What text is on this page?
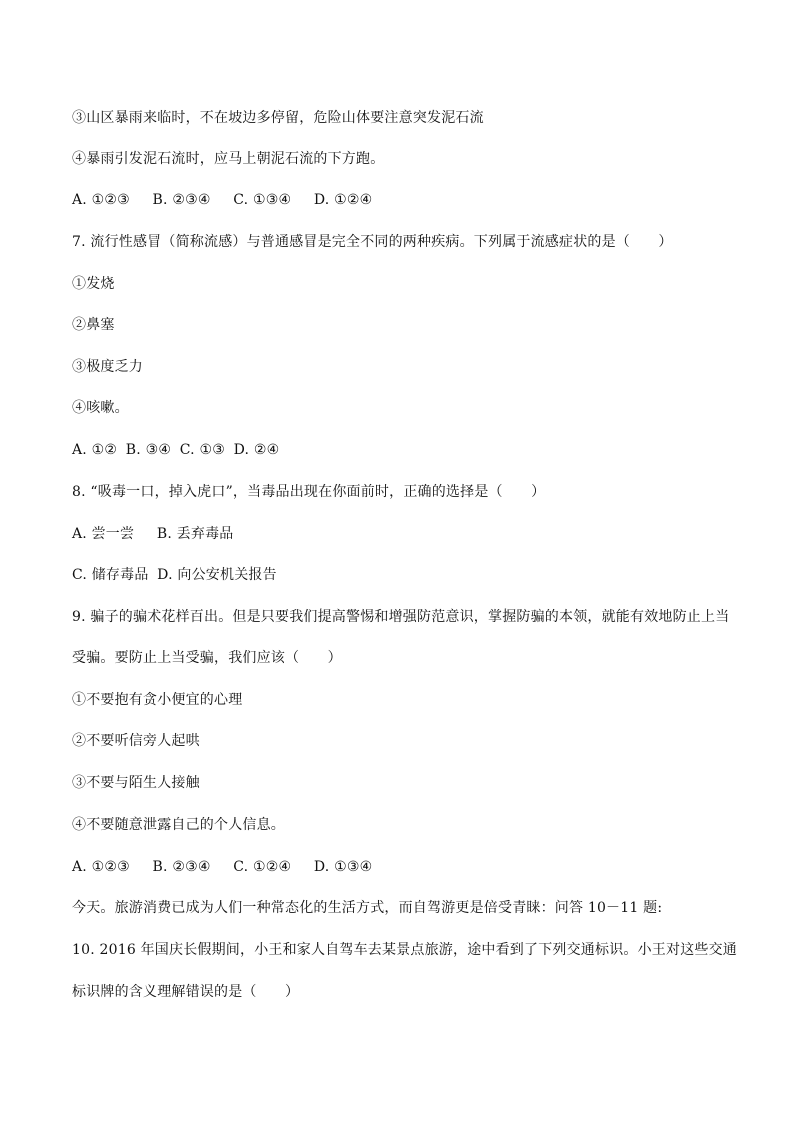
③山区暴雨来临时，不在坡边多停留，危险山体要注意突发泥石流
④暴雨引发泥石流时，应马上朝泥石流的下方跑。
A. ①②③ B. ②③④ C. ①③④ D. ①②④
7. 流行性感冒（简称流感）与普通感冒是完全不同的两种疾病。下列属于流感症状的是（　　）
①发烧
②鼻塞
③极度乏力
④咳嗽。
A. ①② B. ③④ C. ①③ D. ②④
8. “吸毒一口，掉入虎口”，当毒品出现在你面前时，正确的选择是（　　）
A. 尝一尝 B. 丢弃毒品
C. 储存毒品 D. 向公安机关报告
9. 骗子的骗术花样百出。但是只要我们提高警惕和增强防范意识，掌握防骗的本领，就能有效地防止上当
受骗。要防止上当受骗，我们应该（　　）
①不要抱有贪小便宜的心理
②不要听信旁人起哄
③不要与陌生人接触
④不要随意泄露自己的个人信息。
A. ①②③ B. ②③④ C. ①②④ D. ①③④
今天。旅游消费已成为人们一种常态化的生活方式，而自驾游更是倍受青睐：问答 10－11 题:
10. 2016 年国庆长假期间，小王和家人自驾车去某景点旅游，途中看到了下列交通标识。小王对这些交通
标识牌的含义理解错误的是（　　）
